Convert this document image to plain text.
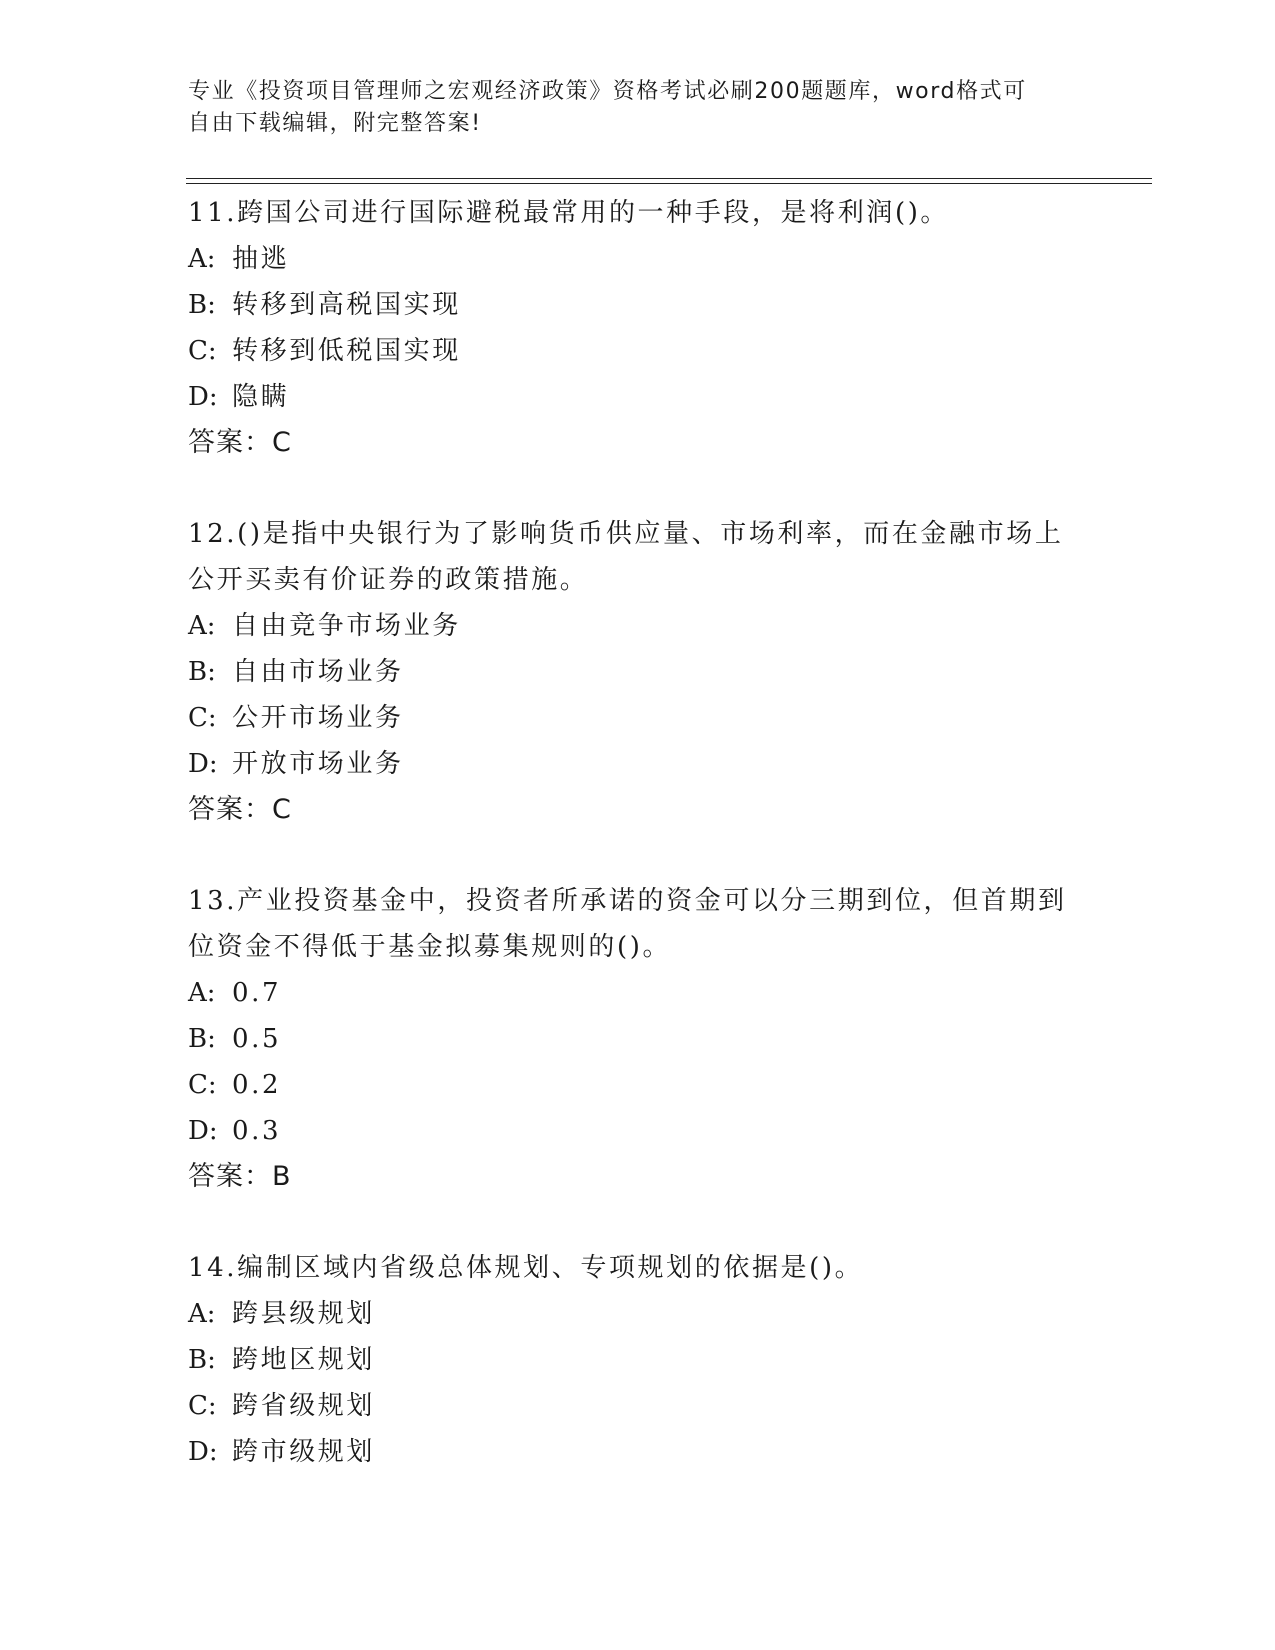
专业《投资项目管理师之宏观经济政策》资格考试必刷200题题库，word格式可
自由下载编辑，附完整答案!
11.跨国公司进行国际避税最常用的一种手段，是将利润()。
A: 抽逃
B: 转移到高税国实现
C: 转移到低税国实现
D: 隐瞒
答案：C
12.()是指中央银行为了影响货币供应量、市场利率，而在金融市场上公开买卖有价证券的政策措施。
A: 自由竞争市场业务
B: 自由市场业务
C: 公开市场业务
D: 开放市场业务
答案：C
13.产业投资基金中，投资者所承诺的资金可以分三期到位，但首期到位资金不得低于基金拟募集规则的()。
A: 0.7
B: 0.5
C: 0.2
D: 0.3
答案：B
14.编制区域内省级总体规划、专项规划的依据是()。
A: 跨县级规划
B: 跨地区规划
C: 跨省级规划
D: 跨市级规划
